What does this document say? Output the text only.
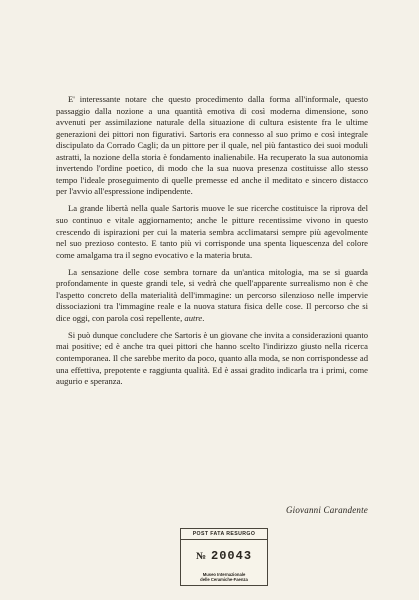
E' interessante notare che questo procedimento dalla forma all'informale, questo passaggio dalla nozione a una quantità emotiva di così moderna dimensione, sono avvenuti per assimilazione naturale della situazione di cultura esistente fra le ultime generazioni dei pittori non figurativi. Sartoris era connesso al suo primo e così integrale discipulato da Corrado Cagli; da un pittore per il quale, nel più fantastico dei suoi moduli astratti, la nozione della storia è fondamento inalienabile. Ha recuperato la sua autonomia invertendo l'ordine poetico, di modo che la sua nuova presenza costituisse allo stesso tempo l'ideale proseguimento di quelle premesse ed anche il meditato e sincero distacco per l'avvio all'espressione indipendente.

La grande libertà nella quale Sartoris muove le sue ricerche costituisce la riprova del suo continuo e vitale aggiornamento; anche le pitture recentissime vivono in questo crescendo di ispirazioni per cui la materia sembra acclimatarsi sempre più agevolmente nel suo prezioso contesto. E tanto più vi corrisponde una spenta liquescenza del colore come amalgama tra il segno evocativo e la materia bruta.

La sensazione delle cose sembra tornare da un'antica mitologia, ma se si guarda profondamente in queste grandi tele, si vedrà che quell'apparente surrealismo non è che l'aspetto concreto della materialità dell'immagine: un percorso silenzioso nelle impervie dissociazioni tra l'immagine reale e la nuova statura fisica delle cose. Il percorso che si dice oggi, con parola così repellente, autre.

Si può dunque concludere che Sartoris è un giovane che invita a considerazioni quanto mai positive; ed è anche tra quei pittori che hanno scelto l'indirizzo giusto nella ricerca contemporanea. Il che sarebbe merito da poco, quanto alla moda, se non corrispondesse ad una effettiva, prepotente e raggiunta qualità. Ed è assai gradito indicarla tra i primi, come augurio e speranza.

Giovanni Carandente
POST FATA RESURGO
№ 20043
Museo Internazionale
delle Ceramiche-Faenza
